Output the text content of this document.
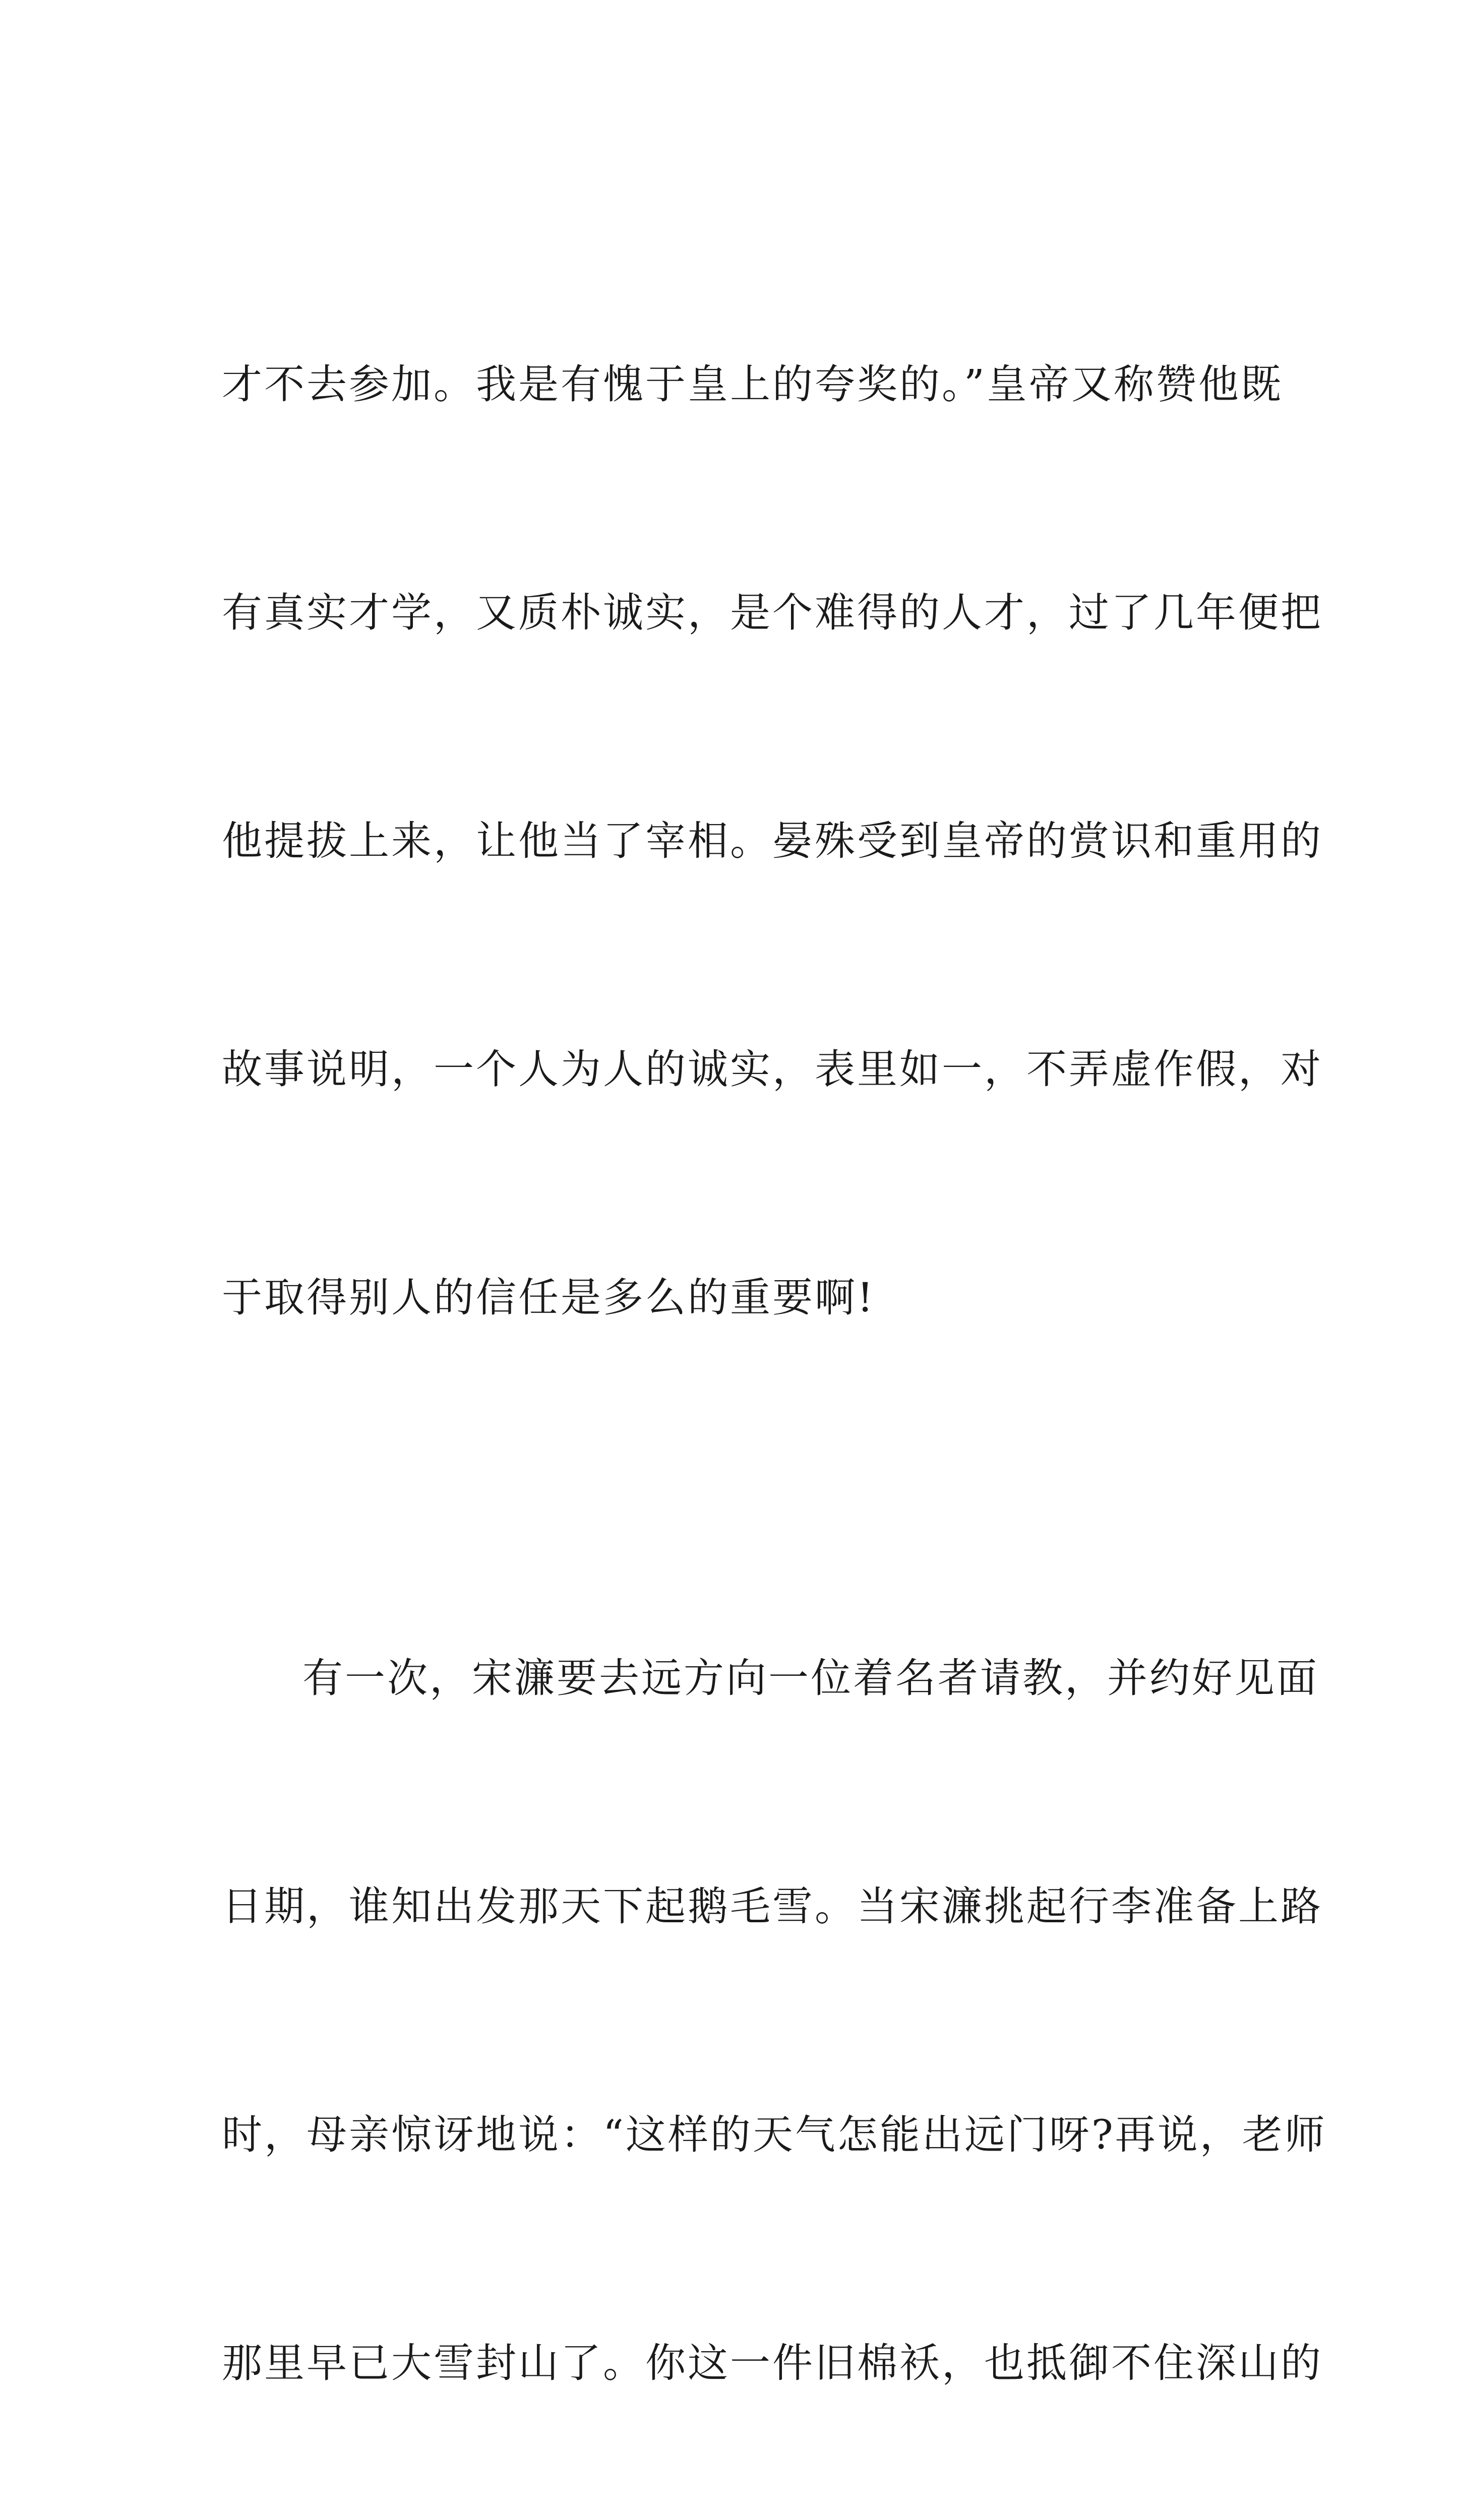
才不去参加。我是有愧于皇上的夸奖的。”皇帝又称赞他既

有真实才学，又质朴诚实，是个难得的人才，过了几年便把

他提拔上来，让他当了宰相。晏殊受到皇帝的赏识和重用的

故事说明，一个人为人的诚实，表里如一，不弄虚作假，对

于取得别人的信任是多么的重要啊!

有一次，宋濂要去远方向一位着名者请教，并约好见面

日期，谁知出发那天下起鹅毛雪。当宋濂挑起行李准备上路

时，母亲惊讶地说：“这样的天气怎能出远门呀?再说，老师

那里早已大雪封山了。你这一件旧棉袄，也抵御不住深山的
